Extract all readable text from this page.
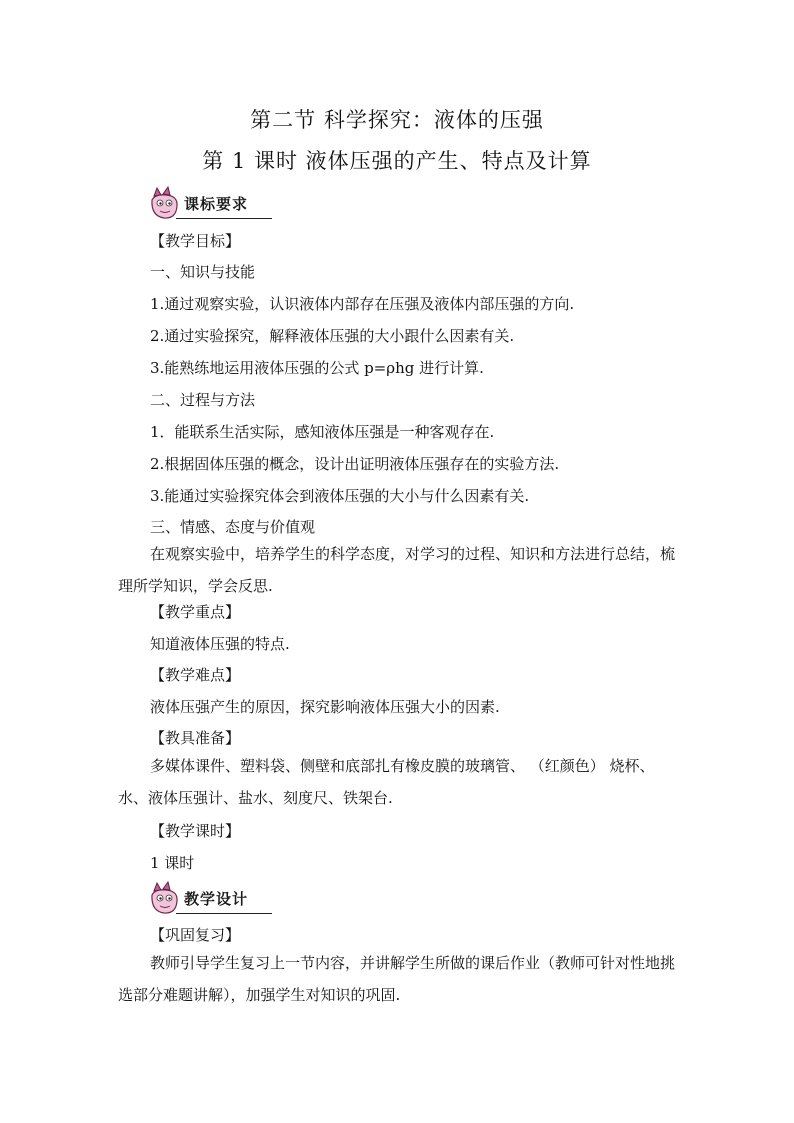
第二节 科学探究：液体的压强
第 1 课时 液体压强的产生、特点及计算
课标要求
【教学目标】
一、知识与技能
1.通过观察实验，认识液体内部存在压强及液体内部压强的方向.
2.通过实验探究，解释液体压强的大小跟什么因素有关.
3.能熟练地运用液体压强的公式 p=ρhg 进行计算.
二、过程与方法
1．能联系生活实际，感知液体压强是一种客观存在.
2.根据固体压强的概念，设计出证明液体压强存在的实验方法.
3.能通过实验探究体会到液体压强的大小与什么因素有关.
三、情感、态度与价值观
在观察实验中，培养学生的科学态度，对学习的过程、知识和方法进行总结，梳理所学知识，学会反思.
【教学重点】
知道液体压强的特点.
【教学难点】
液体压强产生的原因，探究影响液体压强大小的因素.
【教具准备】
多媒体课件、塑料袋、侧壁和底部扎有橡皮膜的玻璃管、 （红颜色） 烧杯、水、液体压强计、盐水、刻度尺、铁架台.
【教学课时】
1 课时
教学设计
【巩固复习】
教师引导学生复习上一节内容，并讲解学生所做的课后作业（教师可针对性地挑选部分难题讲解），加强学生对知识的巩固.
